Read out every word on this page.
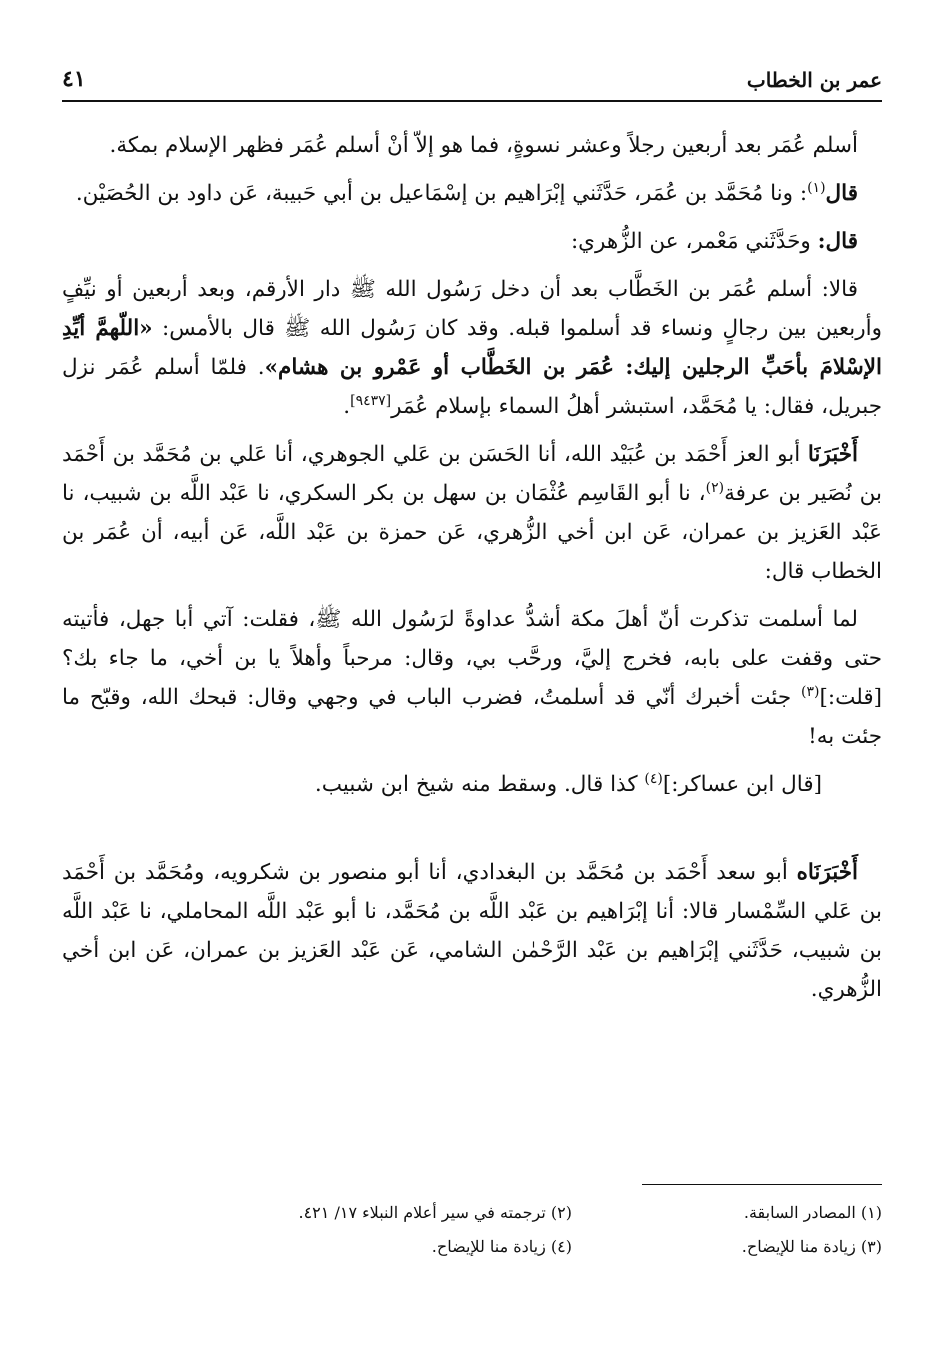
٤١	عمر بن الخطاب

أسلم عُمَر بعد أربعين رجلاً وعشر نسوةٍ، فما هو إلاّ أنْ أسلم عُمَر فظهر الإسلام بمكة.

قال$^{(١)}$: ونا مُحَمَّد بن عُمَر، حَدَّثَني إبْرَاهيم بن إسْمَاعيل بن أبي حَبيبة، عَن داود بن الحُصَيْن.

قال: وحَدَّثَني مَعْمر، عن الزُّهري:

قالا: أسلم عُمَر بن الخَطَّاب بعد أن دخل رَسُول الله ﷺ دار الأرقم، وبعد أربعين أو نيِّفٍ وأربعين بين رجالٍ ونساء قد أسلموا قبله. وقد كان رَسُول الله ﷺ قال بالأمس: «اللّهمَّ أيِّدِ الإسْلامَ بأحَبِّ الرجلين إليك: عُمَر بن الخَطَّاب أو عَمْرو بن هشام». فلمّا أسلم عُمَر نزل جبريل، فقال: يا مُحَمَّد، استبشر أهلُ السماء بإسلام عُمَر[٩٤٣٧].

أَخْبَرَنَا أبو العز أَحْمَد بن عُبَيْد الله، أنا الحَسَن بن عَلي الجوهري، أنا عَلي بن مُحَمَّد بن أَحْمَد بن نُصَير بن عرفة$^{(٢)}$، نا أبو القَاسِم عُثْمَان بن سهل بن بكر السكري، نا عَبْد اللَّه بن شبيب، نا عَبْد العَزيز بن عمران، عَن ابن أخي الزُّهري، عَن حمزة بن عَبْد اللَّه، عَن أبيه، أن عُمَر بن الخطاب قال:

لما أسلمت تذكرت أنّ أهلَ مكة أشدُّ عداوةً لرَسُول الله ﷺ، فقلت: آتي أبا جهل، فأتيته حتى وقفت على بابه، فخرج إليَّ، ورحَّب بي، وقال: مرحباً وأهلاً يا بن أخي، ما جاء بك؟ [قلت:]$^{(٣)}$ جئت أخبرك أنّي قد أسلمتُ، فضرب الباب في وجهي وقال: قبحك الله، وقبّح ما جئت به!

[قال ابن عساكر:]$^{(٤)}$ كذا قال. وسقط منه شيخ ابن شبيب.

أَخْبَرَنَاه أبو سعد أَحْمَد بن مُحَمَّد بن البغدادي، أنا أبو منصور بن شكرويه، ومُحَمَّد بن أَحْمَد بن عَلي السِّمْسار قالا: أنا إبْرَاهيم بن عَبْد اللَّه بن مُحَمَّد، نا أبو عَبْد اللَّه المحاملي، نا عَبْد اللَّه بن شبيب، حَدَّثَني إبْرَاهيم بن عَبْد الرَّحْمٰن الشامي، عَن عَبْد العَزيز بن عمران، عَن ابن أخي الزُّهري.

(١) المصادر السابقة.
(٢) ترجمته في سير أعلام النبلاء ١٧/ ٤٢١.
(٣) زيادة منا للإيضاح.
(٤) زيادة منا للإيضاح.
